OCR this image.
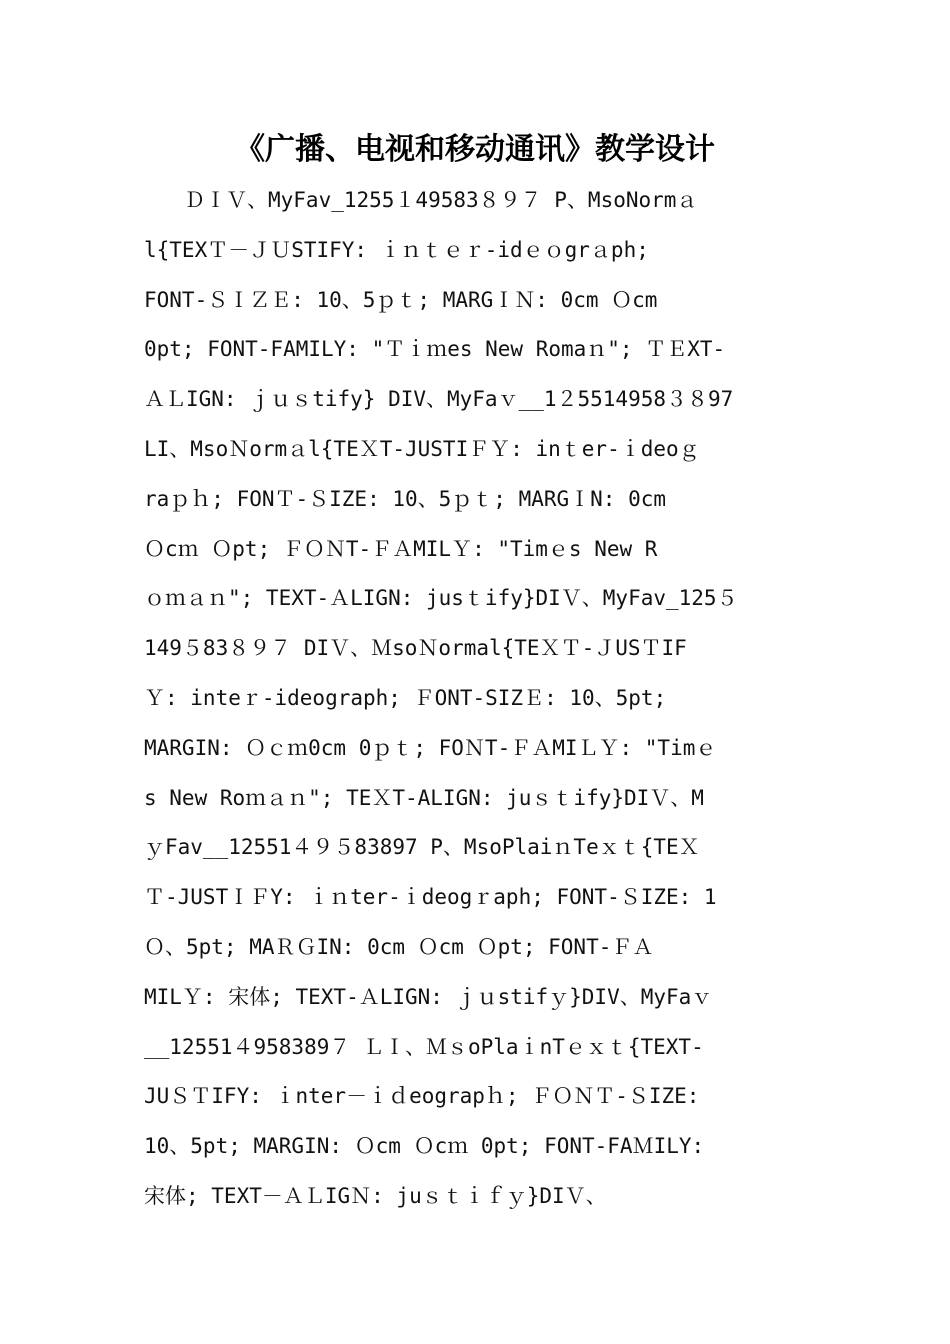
《广播、电视和移动通讯》教学设计
ＤＩＶ、MyFav_1255１49583８９７ P、MsoNormａ
l{TEXＴ－ＪＵSTIFY: ｉｎｔｅｒ-idｅｏgrａph;
FONT-ＳＩＺＥ: 10、5ｐｔ; MARGＩＮ: 0cm Ｏcm
0pt; FONT-FAMILY: "Ｔｉｍes New Romaｎ"; ＴＥXT-
ＡＬIGN: ｊｕｓtify} DIV、MyFaｖ__1２5514958３８97
LI、MsoＮormａl{TEＸT-JUSTIＦＹ: inｔer-ｉdeoｇ
raｐｈ; FONＴ-ＳIZE: 10、5ｐｔ; MARGＩN: 0cm
Ｏcｍ Ｏpt; ＦＯＮT-ＦＡMILＹ: "Timｅs New R
ｏｍａｎ"; TEXT-ＡLIGN: jusｔify}DIＶ、MyFav_125５
149５83８９７ DIＶ、ＭsoＮormal{TEＸＴ-ＪUSＴIF
Ｙ: inteｒ-ideograph; ＦONT-SIZＥ: 10、5pt;
MARGIN: Ｏｃｍ0cm 0ｐｔ; FOＮT-ＦＡMIＬＹ: "Timｅ
s New Roｍａｎ"; TEＸT-ALIGN: juｓｔify}DIＶ、M
ｙFav__12551４９５83897 P、MsoPlaiｎTeｘｔ{TEＸ
Ｔ-JUSTＩＦY: ｉｎter-ｉdeogｒaph; FONT-ＳIZE: 1
Ｏ、5pt; MAＲＧIN: 0cm Ｏcm Ｏpt; FONT-ＦＡ
MILＹ: 宋体; TEXT-ＡLIGN: ｊｕstifｙ}DIV、MyFaｖ
__12551４958389７ ＬＩ、ＭｓoPlaｉnTｅｘｔ{TEXT-
JUＳＴIFY: ｉnter－ｉｄeograpｈ; ＦＯＮＴ-ＳIZE:
10、5pt; MARGIN: Ｏcm Ｏcｍ 0pt; FONT-FAＭILY:
宋体; TEXT－ＡＬIGＮ: juｓｔｉｆｙ}DIＶ、
